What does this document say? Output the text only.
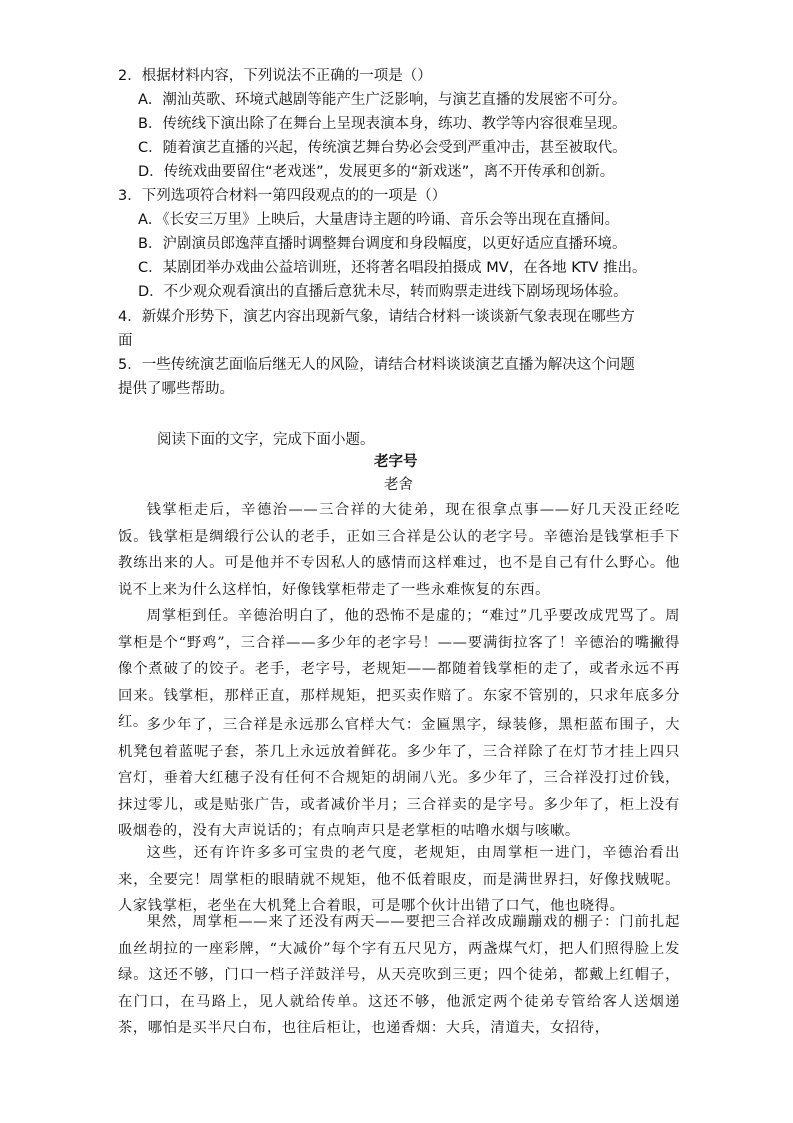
2．根据材料内容，下列说法不正确的一项是（）
A．潮汕英歌、环境式越剧等能产生广泛影响，与演艺直播的发展密不可分。
B．传统线下演出除了在舞台上呈现表演本身，练功、教学等内容很难呈现。
C．随着演艺直播的兴起，传统演艺舞台势必会受到严重冲击，甚至被取代。
D．传统戏曲要留住“老戏迷”，发展更多的“新戏迷”，离不开传承和创新。
3．下列选项符合材料一第四段观点的的一项是（）
A．《长安三万里》上映后，大量唐诗主题的吟诵、音乐会等出现在直播间。
B．沪剧演员郎逸萍直播时调整舞台调度和身段幅度，以更好适应直播环境。
C．某剧团举办戏曲公益培训班，还将著名唱段拍摄成 MV，在各地 KTV 推出。
D．不少观众观看演出的直播后意犹未尽，转而购票走进线下剧场现场体验。
4．新媒介形势下，演艺内容出现新气象，请结合材料一谈谈新气象表现在哪些方
面
5．一些传统演艺面临后继无人的风险，请结合材料谈谈演艺直播为解决这个问题
提供了哪些帮助。
阅读下面的文字，完成下面小题。
老字号
老舍
钱掌柜走后，辛德治——三合祥的大徒弟，现在很拿点事——好几天没正经吃饭。钱掌柜是绸缎行公认的老手，正如三合祥是公认的老字号。辛德治是钱掌柜手下教练出来的人。可是他并不专因私人的感情而这样难过，也不是自己有什么野心。他说不上来为什么这样怕，好像钱掌柜带走了一些永难恢复的东西。
周掌柜到任。辛德治明白了，他的恐怖不是虚的；“难过”几乎要改成咒骂了。周掌柜是个“野鸡”，三合祥——多少年的老字号！——要满街拉客了！辛德治的嘴撇得像个煮破了的饺子。老手，老字号，老规矩——都随着钱掌柜的走了，或者永远不再回来。钱掌柜，那样正直，那样规矩，把买卖作赔了。东家不管别的，只求年底多分红。
多少年了，三合祥是永远那么官样大气：金匾黑字，绿装修，黑柜蓝布围子，大机凳包着蓝呢子套，茶几上永远放着鲜花。多少年了，三合祥除了在灯节才挂上四只宫灯，垂着大红穗子没有任何不合规矩的胡闹八光。多少年了，三合祥没打过价钱，抹过零儿，或是贴张广告，或者减价半月；三合祥卖的是字号。多少年了，柜上没有吸烟卷的，没有大声说话的；有点响声只是老掌柜的咕噜水烟与咳嗽。
这些，还有许许多多可宝贵的老气度，老规矩，由周掌柜一进门，辛德治看出来，全要完！周掌柜的眼睛就不规矩，他不低着眼皮，而是满世界扫，好像找贼呢。人家钱掌柜，老坐在大机凳上合着眼，可是哪个伙计出错了口气，他也晓得。
果然，周掌柜——来了还没有两天——要把三合祥改成蹦蹦戏的棚子：门前扎起血丝胡拉的一座彩牌，“大减价”每个字有五尺见方，两盏煤气灯，把人们照得脸上发绿。这还不够，门口一档子洋鼓洋号，从天亮吹到三更；四个徒弟，都戴上红帽子，在门口，在马路上，见人就给传单。这还不够，他派定两个徒弟专管给客人送烟递茶，哪怕是买半尺白布，也往后柜让，也递香烟：大兵，清道夫，女招待，
